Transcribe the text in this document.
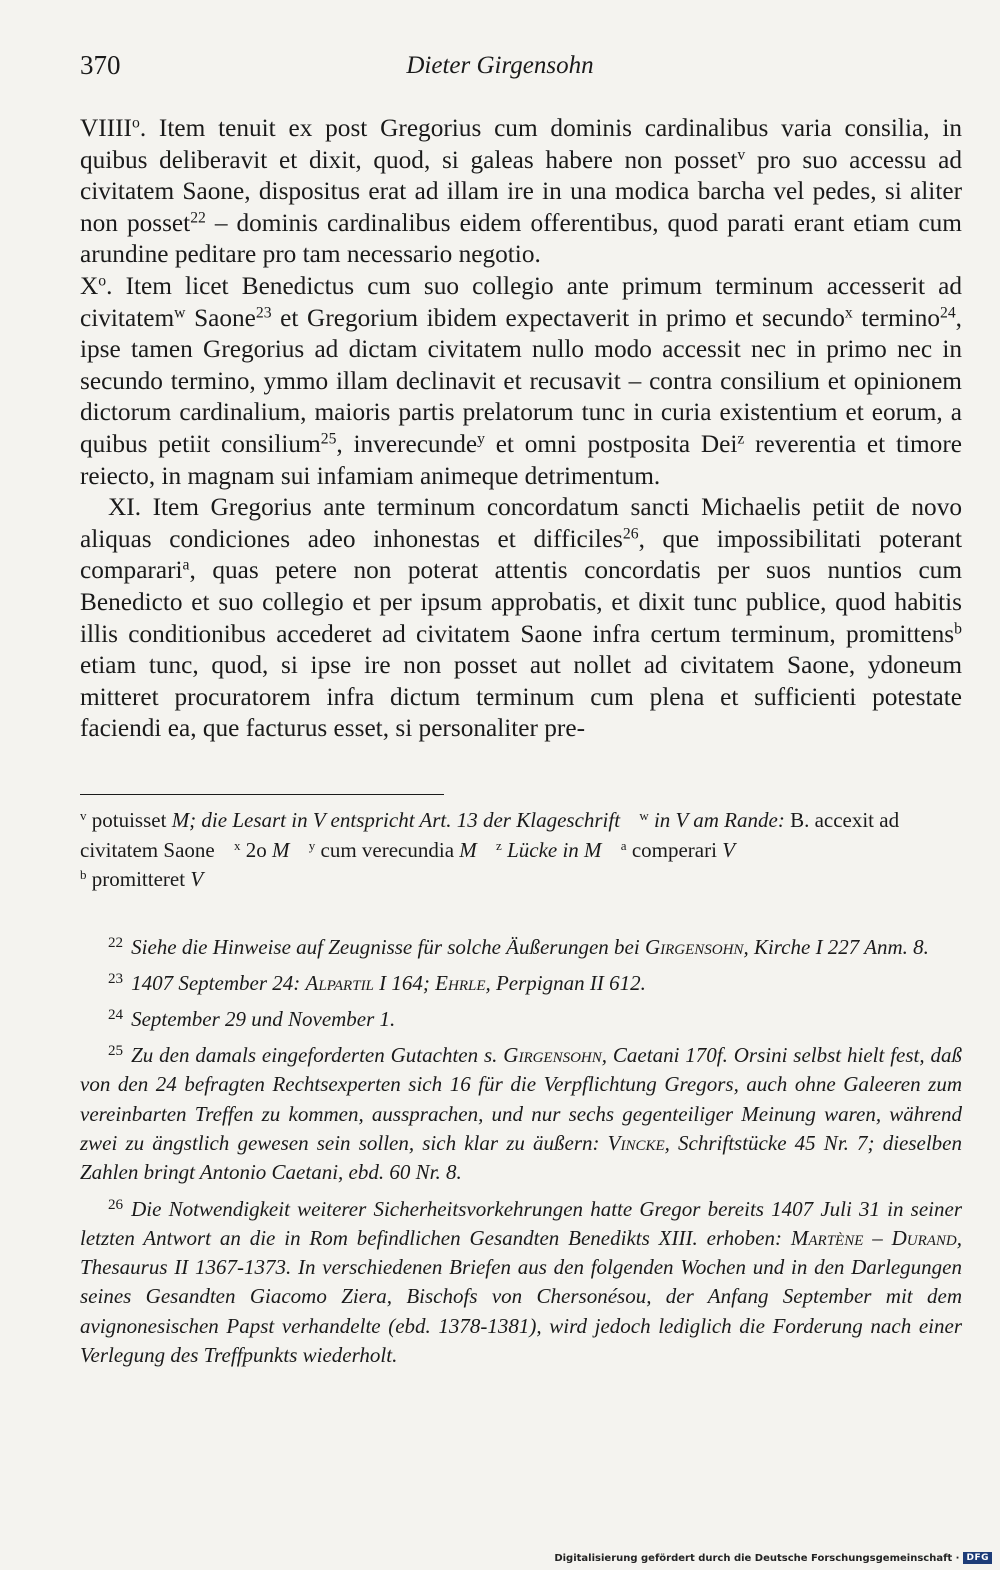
370	Dieter Girgensohn

VIIII$^o$. Item tenuit ex post Gregorius cum dominis cardinalibus varia consilia, in quibus deliberavit et dixit, quod, si galeas habere non posset$^v$ pro suo accessu ad civitatem Saone, dispositus erat ad illam ire in una modica barcha vel pedes, si aliter non posset$^{22}$ – dominis cardinalibus eidem offerentibus, quod parati erant etiam cum arundine peditare pro tam necessario negotio.

$X^o$. Item licet Benedictus cum suo collegio ante primum terminum accesserit ad civitatem$^w$ Saone$^{23}$ et Gregorium ibidem expectaverit in primo et secundo$^x$ termino$^{24}$, ipse tamen Gregorius ad dictam civitatem nullo modo accessit nec in primo nec in secundo termino, ymmo illam declinavit et recusavit – contra consilium et opinionem dictorum cardinalium, maioris partis prelatorum tunc in curia existentium et eorum, a quibus petiit consilium$^{25}$, inverecunde$^y$ et omni postposita Dei$^z$ reverentia et timore reiecto, in magnam sui infamiam animeque detrimentum.

XI. Item Gregorius ante terminum concordatum sancti Michaelis petiit de novo aliquas condiciones adeo inhonestas et difficiles$^{26}$, que impossibilitati poterant comparari$^a$, quas petere non poterat attentis concordatis per suos nuntios cum Benedicto et suo collegio et per ipsum approbatis, et dixit tunc publice, quod habitis illis conditionibus accederet ad civitatem Saone infra certum terminum, promittens$^b$ etiam tunc, quod, si ipse ire non posset aut nollet ad civitatem Saone, ydoneum mitteret procuratorem infra dictum terminum cum plena et sufficienti potestate faciendi ea, que facturus esset, si personaliter pre-

$^v$ potuisset M; die Lesart in V entspricht Art. 13 der Klageschrift $^w$ in V am Rande: B. accexit ad civitatem Saone $^x$ 2o M $^y$ cum verecundia M $^z$ Lücke in M $^a$ comperari V
$^b$ promitteret V

$^{22}$ Siehe die Hinweise auf Zeugnisse für solche Äußerungen bei Girgensohn, Kirche I 227 Anm. 8.

$^{23}$ 1407 September 24: Alpartil I 164; Ehrle, Perpignan II 612.

$^{24}$ September 29 und November 1.

$^{25}$ Zu den damals eingeforderten Gutachten s. Girgensohn, Caetani 170f. Orsini selbst hielt fest, daß von den 24 befragten Rechtsexperten sich 16 für die Verpflichtung Gregors, auch ohne Galeeren zum vereinbarten Treffen zu kommen, aussprachen, und nur sechs gegenteiliger Meinung waren, während zwei zu ängstlich gewesen sein sollen, sich klar zu äußern: Vincke, Schriftstücke 45 Nr. 7; dieselben Zahlen bringt Antonio Caetani, ebd. 60 Nr. 8.

$^{26}$ Die Notwendigkeit weiterer Sicherheitsvorkehrungen hatte Gregor bereits 1407 Juli 31 in seiner letzten Antwort an die in Rom befindlichen Gesandten Benedikts XIII. erhoben: Martène – Durand, Thesaurus II 1367-1373. In verschiedenen Briefen aus den folgenden Wochen und in den Darlegungen seines Gesandten Giacomo Ziera, Bischofs von Chersonésou, der Anfang September mit dem avignonesischen Papst verhandelte (ebd. 1378-1381), wird jedoch lediglich die Forderung nach einer Verlegung des Treffpunkts wiederholt.

Digitalisierung gefördert durch die Deutsche Forschungsgemeinschaft · DFG
